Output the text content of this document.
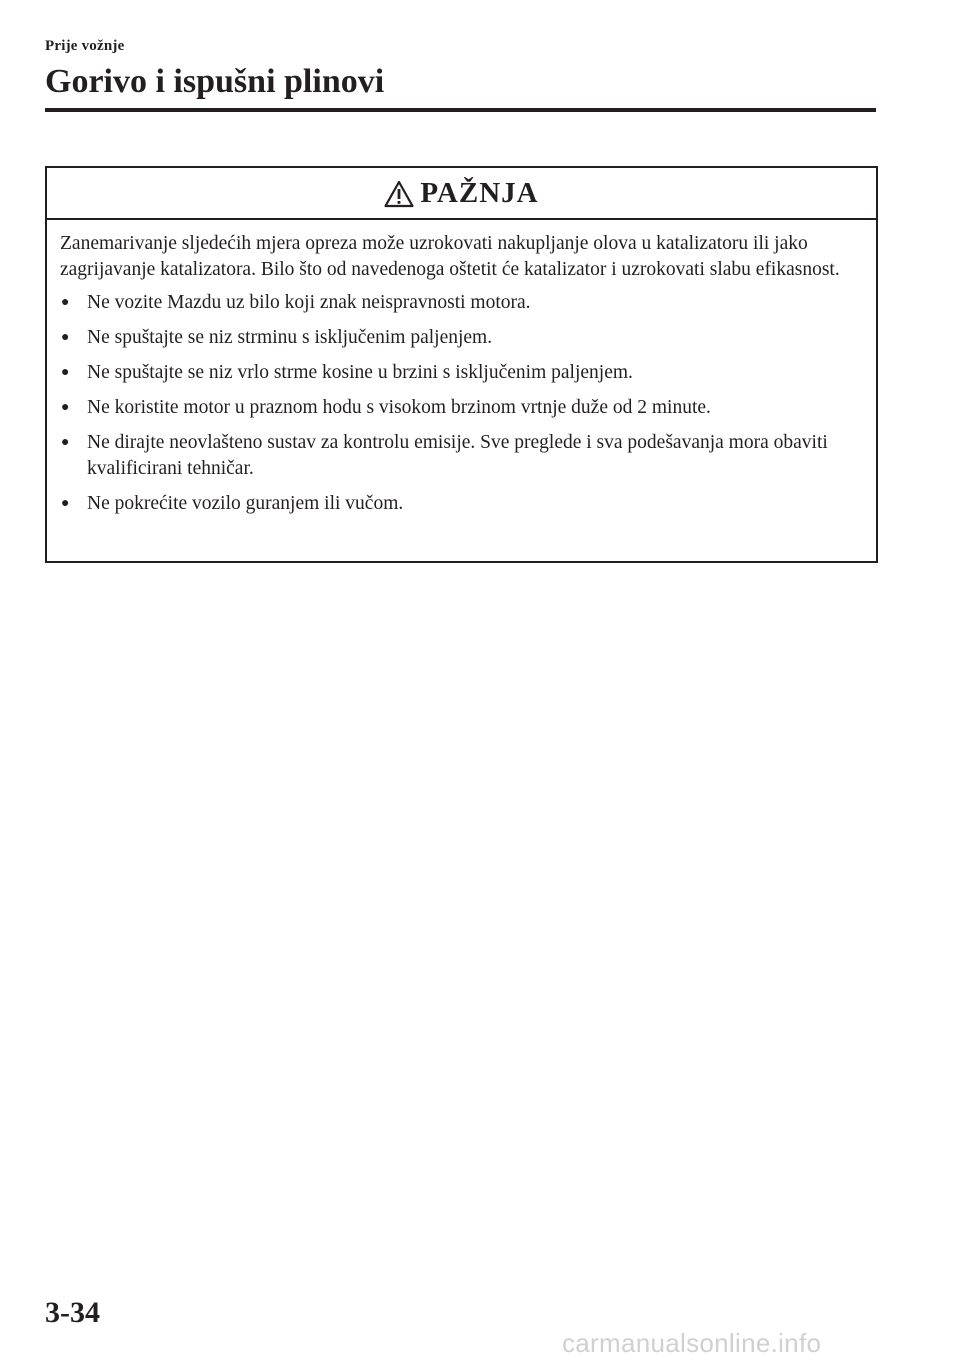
Prije vožnje
Gorivo i ispušni plinovi
PAŽNJA

Zanemarivanje sljedećih mjera opreza može uzrokovati nakupljanje olova u katalizatoru ili jako zagrijavanje katalizatora. Bilo što od navedenoga oštetit će katalizator i uzrokovati slabu efikasnost.

● Ne vozite Mazdu uz bilo koji znak neispravnosti motora.
● Ne spuštajte se niz strminu s isključenim paljenjem.
● Ne spuštajte se niz vrlo strme kosine u brzini s isključenim paljenjem.
● Ne koristite motor u praznom hodu s visokom brzinom vrtnje duže od 2 minute.
● Ne dirajte neovlašteno sustav za kontrolu emisije. Sve preglede i sva podešavanja mora obaviti kvalificirani tehničar.
● Ne pokrećite vozilo guranjem ili vučom.
3-34
carmanualsonline.info
